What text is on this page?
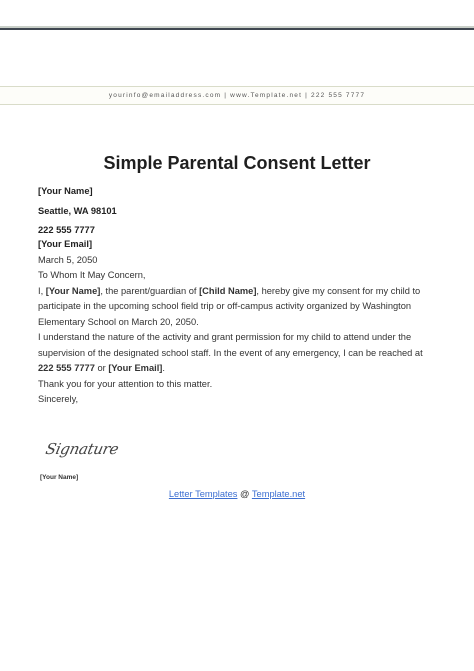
yourinfo@emailaddress.com | www.Template.net | 222 555 7777
Simple Parental Consent Letter
[Your Name]
Seattle, WA 98101
222 555 7777
[Your Email]
March 5, 2050
To Whom It May Concern,
I, [Your Name], the parent/guardian of [Child Name], hereby give my consent for my child to participate in the upcoming school field trip or off-campus activity organized by Washington Elementary School on March 20, 2050.
I understand the nature of the activity and grant permission for my child to attend under the supervision of the designated school staff. In the event of any emergency, I can be reached at 222 555 7777 or [Your Email].
Thank you for your attention to this matter.
Sincerely,
Signature
[Your Name]
Letter Templates @ Template.net
